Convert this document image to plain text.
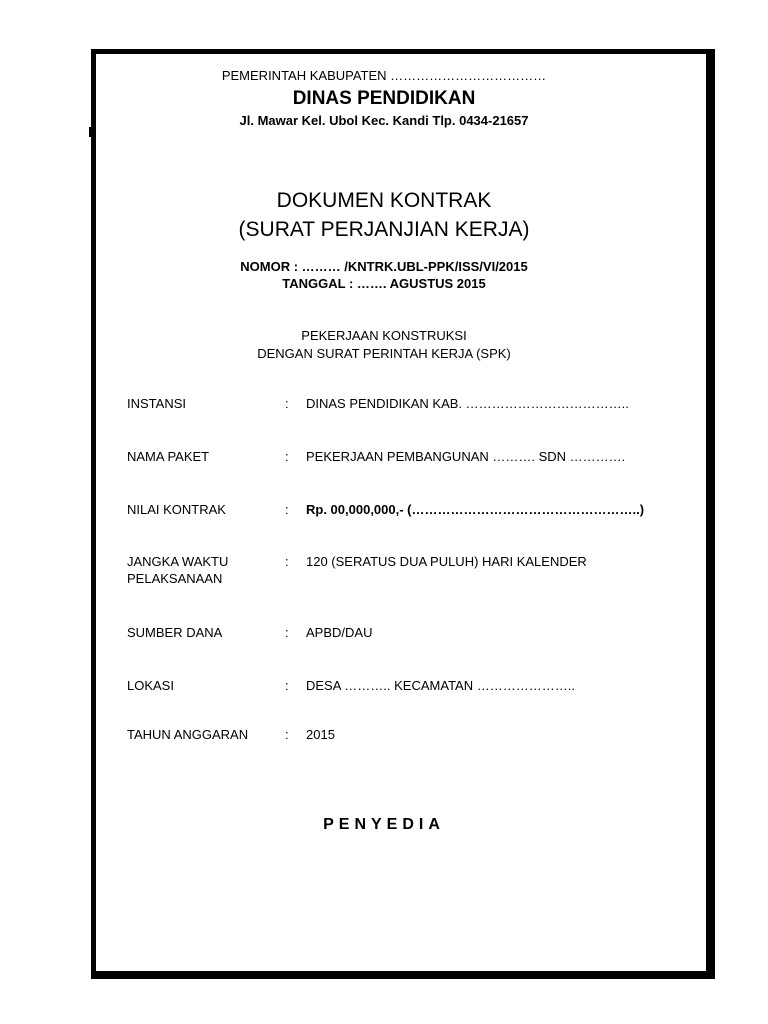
PEMERINTAH KABUPATEN ………………………………
DINAS PENDIDIKAN
Jl. Mawar Kel. Ubol Kec. Kandi Tlp. 0434-21657
DOKUMEN KONTRAK
(SURAT PERJANJIAN KERJA)
NOMOR : ……… /KNTRK.UBL-PPK/ISS/VI/2015
TANGGAL : ……. AGUSTUS 2015
PEKERJAAN KONSTRUKSI
DENGAN SURAT PERINTAH KERJA (SPK)
INSTANSI	: DINAS PENDIDIKAN KAB. ………………………………..
NAMA PAKET	: PEKERJAAN PEMBANGUNAN ………. SDN ………….
NILAI KONTRAK	: Rp. 00,000,000,- (……………………………………………..)
JANGKA WAKTU
PELAKSANAAN
: 120 (SERATUS DUA PULUH) HARI KALENDER
SUMBER DANA	: APBD/DAU
LOKASI	: DESA ……….. KECAMATAN …………………..
TAHUN ANGGARAN	: 2015
PENYEDIA
